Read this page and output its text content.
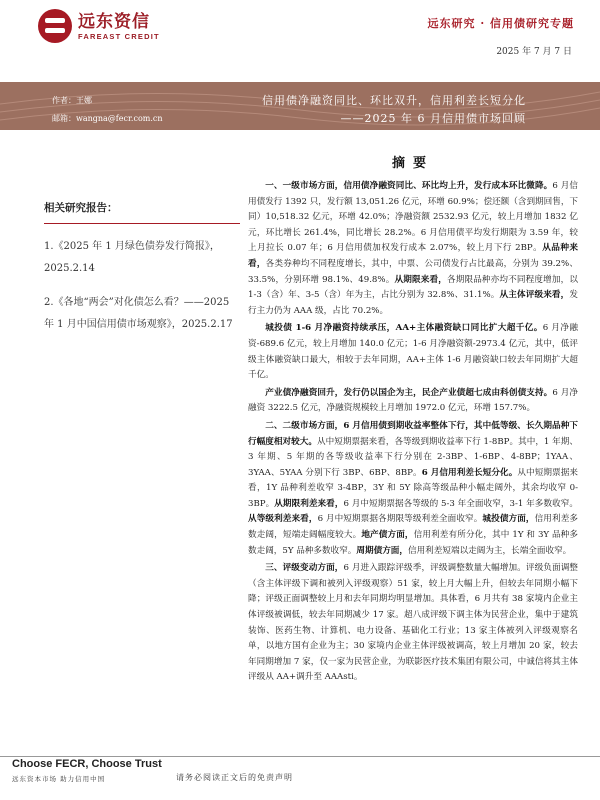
远东资信
FAREAST CREDIT
远东研究 · 信用债研究专题
2025 年 7 月 7 日
信用债净融资同比、环比双升，信用利差长短分化
——2025 年 6 月信用债市场回顾
作者：王娜
邮箱：wangna@fecr.com.cn
相关研究报告：
1.《2025 年 1 月绿色债券发行简报》，2025.2.14
2.《各地“两会”对化债怎么看？——2025 年 1 月中国信用债市场观察》，2025.2.17
摘要

一、一级市场方面，信用债净融资同比、环比均上升，发行成本环比微降。6 月信用债发行 1392 只，发行额 13,051.26 亿元，环增 60.9%；偿还额（含到期回售，下同）10,518.32 亿元，环增 42.0%；净融资额 2532.93 亿元，较上月增加 1832 亿元，环比增长 261.4%，同比增长 28.2%。6 月信用债平均发行期限为 3.59 年，较上月拉长 0.07 年；6 月信用债加权发行成本 2.07%，较上月下行 2BP。从品种来看，各类券种均不同程度增长，其中，中票、公司债发行占比最高，分别为 39.2%、33.5%，分别环增 98.1%、49.8%。从期限来看，各期限品种亦均不同程度增加，以 1-3（含）年、3-5（含）年为主，占比分别为 32.8%、31.1%。从主体评级来看，发行主力仍为 AAA 级，占比 70.2%。

城投债 1-6 月净融资持续承压，AA+主体融资缺口同比扩大超千亿。6 月净融资-689.6 亿元，较上月增加 140.0 亿元；1-6 月净融资额-2973.4 亿元，其中，低评级主体融资缺口最大，相较于去年同期，AA+主体 1-6 月融资缺口较去年同期扩大超千亿。

产业债净融资回升，发行仍以国企为主，民企产业债超七成由科创债支持。6 月净融资 3222.5 亿元，净融资规模较上月增加 1972.0 亿元，环增 157.7%。

二、二级市场方面，6 月信用债到期收益率整体下行，其中低等级、长久期品种下行幅度相对较大。从中短期票据来看，各等级到期收益率下行 1-8BP。其中，1 年期、3 年期、5 年期的各等级收益率下行分别在 2-3BP、1-6BP、4-8BP；1YAA、3YAA、5YAA 分别下行 3BP、6BP、8BP。6 月信用利差长短分化。从中短期票据来看，1Y 品种利差收窄 3-4BP，3Y 和 5Y 除高等级品种小幅走阔外，其余均收窄 0-3BP。从期限利差来看，6 月中短期票据各等级的 5-3 年全面收窄，3-1 年多数收窄。从等级利差来看，6 月中短期票据各期限等级利差全面收窄。城投债方面，信用利差多数走阔，短端走阔幅度较大。地产债方面，信用利差有所分化，其中 1Y 和 3Y 品种多数走阔，5Y 品种多数收窄。周期债方面，信用利差短端以走阔为主，长端全面收窄。

三、评级变动方面，6 月进入跟踪评级季，评级调整数量大幅增加。评级负面调整（含主体评级下调和被列入评级观察）51 家，较上月大幅上升，但较去年同期小幅下降；评级正面调整较上月和去年同期均明显增加。具体看，6 月共有 38 家境内企业主体评级被调低，较去年同期减少 17 家。超八成评级下调主体为民营企业，集中于建筑装饰、医药生物、计算机、电力设备、基础化工行业；13 家主体被列入评级观察名单，以地方国有企业为主；30 家境内企业主体评级被调高，较上月增加 20 家，较去年同期增加 7 家，仅一家为民营企业，为联影医疗技术集团有限公司，中诚信将其主体评级从 AA+调升至 AAAsti。

Choose FECR, Choose Trust
远东资本市场 助力信用中国	请务必阅读正文后的免责声明
